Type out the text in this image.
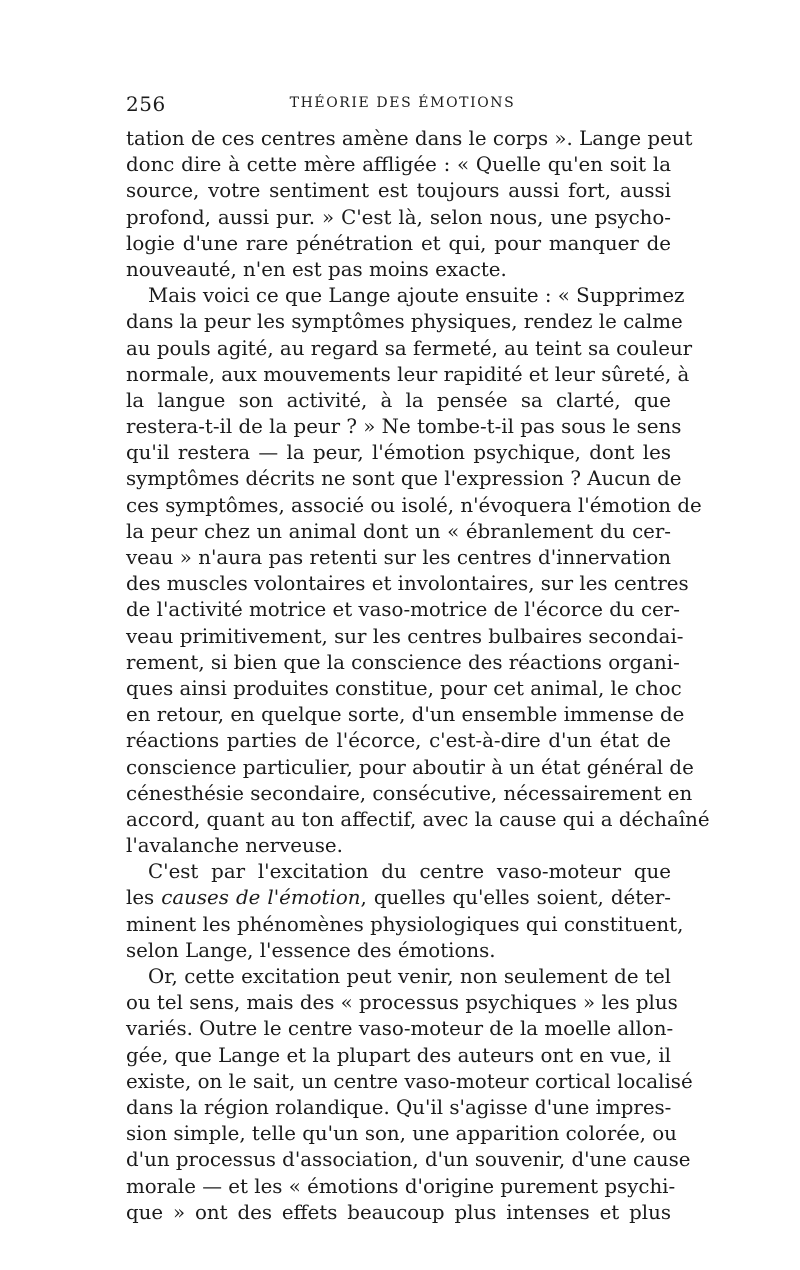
256	THÉORIE DES ÉMOTIONS
tation de ces centres amène dans le corps ». Lange peut
donc dire à cette mère affligée : « Quelle qu'en soit la
source, votre sentiment est toujours aussi fort, aussi
profond, aussi pur. » C'est là, selon nous, une psycho-
logie d'une rare pénétration et qui, pour manquer de
nouveauté, n'en est pas moins exacte.
Mais voici ce que Lange ajoute ensuite : « Supprimez
dans la peur les symptômes physiques, rendez le calme
au pouls agité, au regard sa fermeté, au teint sa couleur
normale, aux mouvements leur rapidité et leur sûreté, à
la langue son activité, à la pensée sa clarté, que
restera-t-il de la peur ? » Ne tombe-t-il pas sous le sens
qu'il restera — la peur, l'émotion psychique, dont les
symptômes décrits ne sont que l'expression ? Aucun de
ces symptômes, associé ou isolé, n'évoquera l'émotion de
la peur chez un animal dont un « ébranlement du cer-
veau » n'aura pas retenti sur les centres d'innervation
des muscles volontaires et involontaires, sur les centres
de l'activité motrice et vaso-motrice de l'écorce du cer-
veau primitivement, sur les centres bulbaires secondai-
rement, si bien que la conscience des réactions organi-
ques ainsi produites constitue, pour cet animal, le choc
en retour, en quelque sorte, d'un ensemble immense de
réactions parties de l'écorce, c'est-à-dire d'un état de
conscience particulier, pour aboutir à un état général de
cénesthésie secondaire, consécutive, nécessairement en
accord, quant au ton affectif, avec la cause qui a déchaîné
l'avalanche nerveuse.
C'est par l'excitation du centre vaso-moteur que
les causes de l'émotion, quelles qu'elles soient, déter-
minent les phénomènes physiologiques qui constituent,
selon Lange, l'essence des émotions.
Or, cette excitation peut venir, non seulement de tel
ou tel sens, mais des « processus psychiques » les plus
variés. Outre le centre vaso-moteur de la moelle allon-
gée, que Lange et la plupart des auteurs ont en vue, il
existe, on le sait, un centre vaso-moteur cortical localisé
dans la région rolandique. Qu'il s'agisse d'une impres-
sion simple, telle qu'un son, une apparition colorée, ou
d'un processus d'association, d'un souvenir, d'une cause
morale — et les « émotions d'origine purement psychi-
que » ont des effets beaucoup plus intenses et plus
